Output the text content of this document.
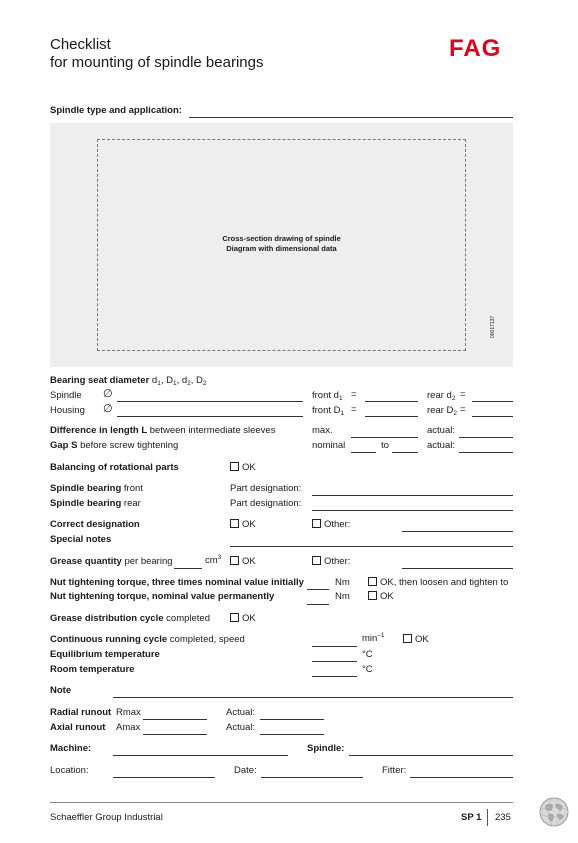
Checklist
for mounting of spindle bearings
FAG
Spindle type and application:
Cross-section drawing of spindle
Diagram with dimensional data
00017137
Bearing seat diameter $d_1$, $D_1$, $d_2$, $D_2$
Spindle ∅	front $d_1$ =	rear $d_2$ =
Housing ∅	front $D_1$ =	rear $D_2$ =
Difference in length L between intermediate sleeves	max.	actual:
Gap S before screw tightening	nominal	to	actual:
Balancing of rotational parts	OK
Spindle bearing front	Part designation:
Spindle bearing rear	Part designation:
Correct designation	OK	Other:
Special notes
Grease quantity per bearing	$cm^3$	OK	Other:
Nut tightening torque, three times nominal value initially	Nm	OK, then loosen and tighten to
Nut tightening torque, nominal value permanently	Nm	OK
Grease distribution cycle completed	OK
Continuous running cycle completed, speed	$\min^{-1}$	OK
Equilibrium temperature	°C
Room temperature	°C
Note
Radial runout Rmax	Actual:
Axial runout Amax	Actual:
Machine:	Spindle:
Location:	Date:	Fitter:
Schaeffler Group Industrial	SP 1 235
